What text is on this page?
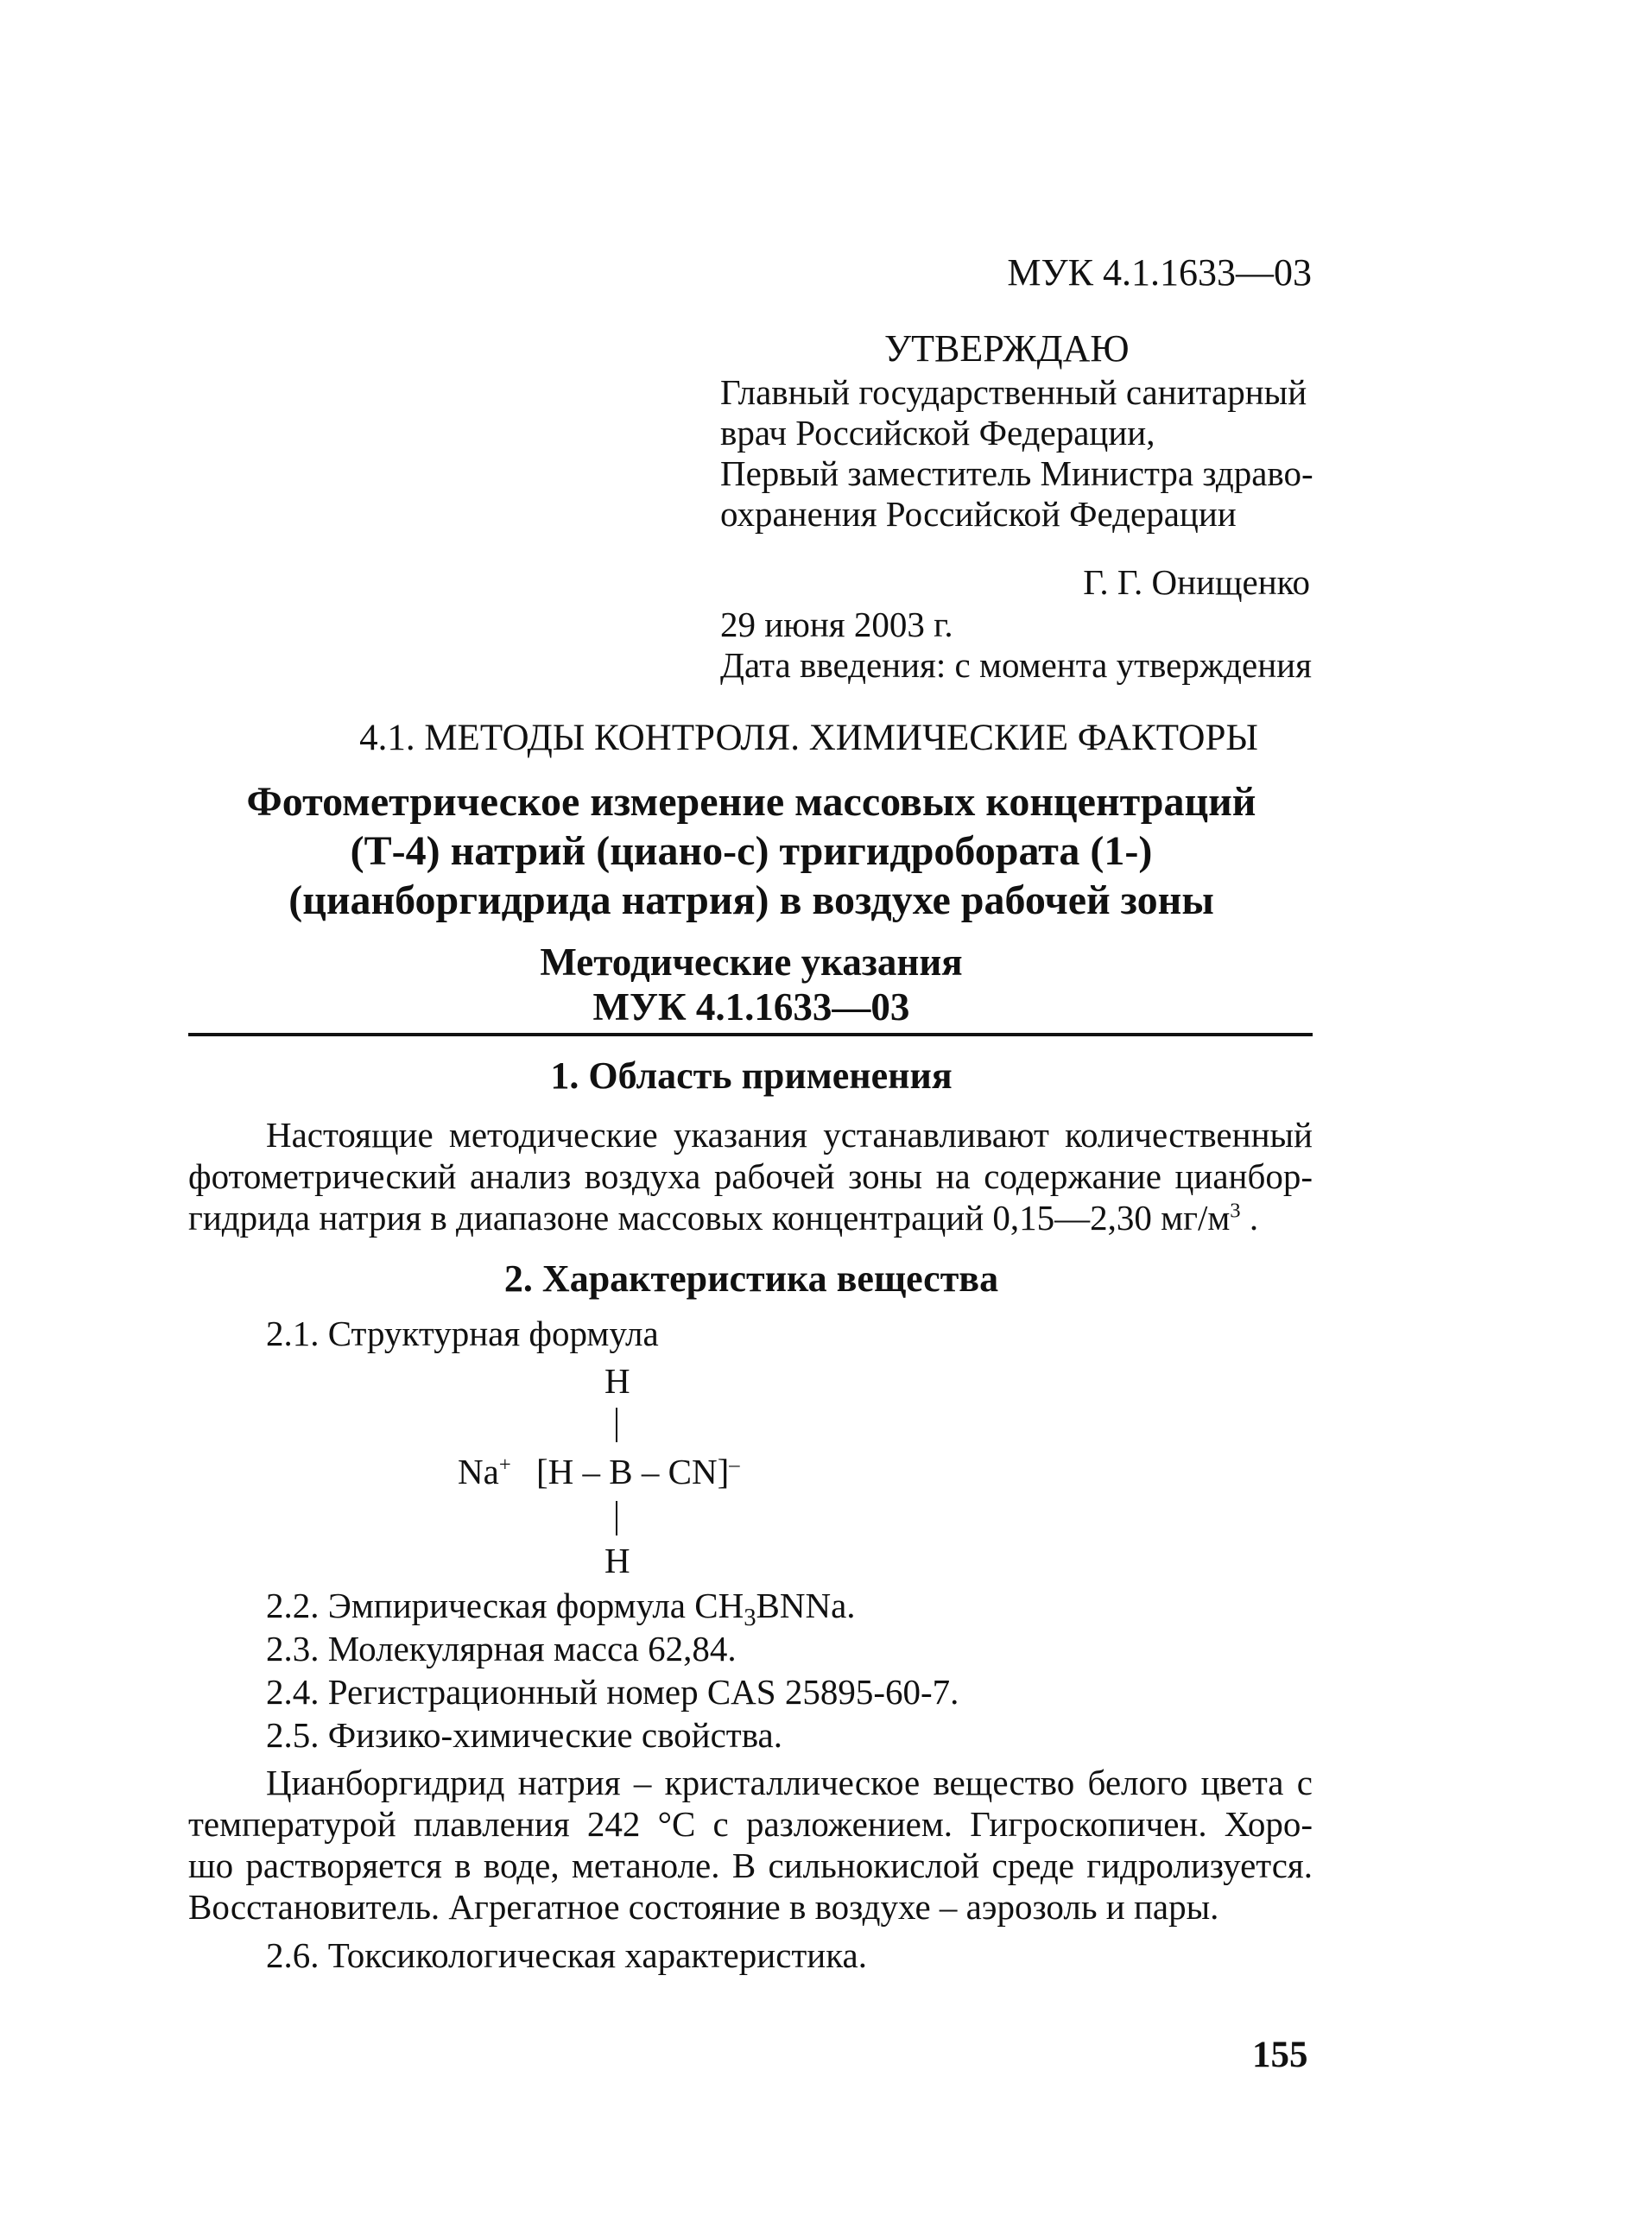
МУК 4.1.1633—03

УТВЕРЖДАЮ
Главный государственный санитарный
врач Российской Федерации,
Первый заместитель Министра здраво-
охранения Российской Федерации

Г. Г. Онищенко

29 июня 2003 г.
Дата введения: с момента утверждения

4.1. МЕТОДЫ КОНТРОЛЯ. ХИМИЧЕСКИЕ ФАКТОРЫ

Фотометрическое измерение массовых концентраций
(Т-4) натрий (циано-с) тригидробората (1-)
(цианборгидрида натрия) в воздухе рабочей зоны
Методические указания
МУК 4.1.1633—03

1. Область применения

Настоящие методические указания устанавливают количественный
фотометрический анализ воздуха рабочей зоны на содержание цианбор-
гидрида натрия в диапазоне массовых концентраций 0,15—2,30 $мг/м^3$ .

2. Характеристика вещества

2.1. Структурная формула

H
Na+ [H – B – CN]–
H

2.2. Эмпирическая формула $CH_3BNNa$.

2.3. Молекулярная масса 62,84.

2.4. Регистрационный номер CAS 25895-60-7.

2.5. Физико-химические свойства.

Цианборгидрид натрия – кристаллическое вещество белого цвета с
температурой плавления 242 °С с разложением. Гигроскопичен. Хоро-
шо растворяется в воде, метаноле. В сильнокислой среде гидролизуется.
Восстановитель. Агрегатное состояние в воздухе – аэрозоль и пары.

2.6. Токсикологическая характеристика.

155
